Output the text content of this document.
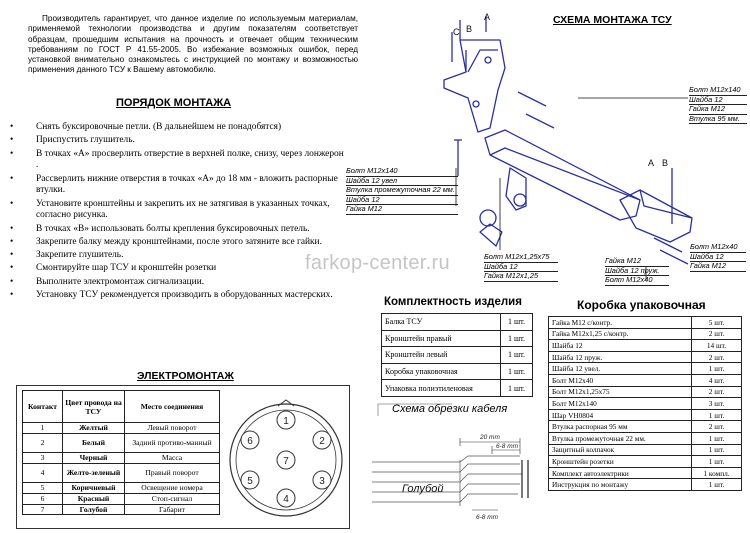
Производитель гарантирует, что данное изделие по используемым материалам, применяемой технологии производства и другим показателям соответствует образцам, прошедшим испытания на прочность и отвечает общим техническим требованиям по ГОСТ Р 41.55-2005. Во избежание возможных ошибок, перед установкой внимательно ознакомьтесь с инструкцией по монтажу и возможностью применения данного ТСУ к Вашему автомобилю.

ПОРЯДОК МОНТАЖА
• Снять буксировочные петли. (В дальнейшем не понадобятся)
• Приспустить глушитель.
• В точках «А» просверлить отверстие в верхней полке, снизу, через лонжерон .
• Рассверлить нижние отверстия в точках «А» до 18 мм - вложить распорные втулки.
• Установите кронштейны и закрепить их не затягивая в указанных точках, согласно рисунка.
• В точках «В» использовать болты крепления буксировочных петель.
• Закрепите балку между кронштейнами, после этого затяните все гайки.
• Закрепите глушитель.
• Смонтируйте шар ТСУ и кронштейн розетки
• Выполните электромонтаж сигнализации.
• Установку ТСУ рекомендуется производить в оборудованных мастерских.
ЭЛЕКТРОМОНТАЖ
Контакт	Цвет провода на ТСУ	Место соединения
1	Желтый	Левый поворот
2	Белый	Задний противо-манный
3	Черный	Масса
4	Желто-зеленый	Правый поворот
5	Коричневый	Освещение номера
6	Красный	Стоп-сигнал
7	Голубой	Габарит
1
2
3
4
5
6
7
СХЕМА МОНТАЖА ТСУ
A
C B
A B
Болт M12x140
Шайба 12
Гайка M12
Втулка 95 мм.
Болт M12x140
Шайба 12 увел
Втулка промежуточная 22 мм.
Шайба 12
Гайка M12
Болт M12x1,25x75
Шайба 12
Гайка M12x1,25
Гайка M12
Шайба 12 пруж.
Болт M12x40
Болт M12x40
Шайба 12
Гайка M12
farkop-center.ru
Комплектность изделия
Балка ТСУ	1 шт.
Кронштейн правый	1 шт.
Кронштейн левый	1 шт.
Коробка упаковочная	1 шт.
Упаковка полиэтиленовая	1 шт.
Коробка упаковочная
Гайка M12 с/контр.	5 шт.
Гайка M12x1,25 с/контр.	2 шт.
Шайба 12	14 шт.
Шайба 12 пруж.	2 шт.
Шайба 12 увел.	1 шт.
Болт M12x40	4 шт.
Болт M12x1,25x75	2 шт.
Болт M12x140	3 шт.
Шар VH0804	1 шт.
Втулка распорная 95 мм	2 шт.
Втулка промежуточная 22 мм.	1 шт.
Защитный колпачок	1 шт.
Кронштейн розетки	1 шт.
Комплект автоэлектрики	1 компл.
Инструкция по монтажу	1 шт.
Схема обрезки кабеля
20 mm
6-8 mm
6-8 mm
Голубой
